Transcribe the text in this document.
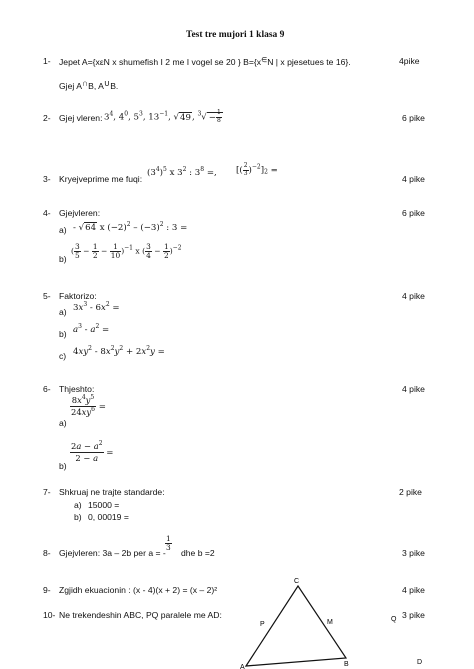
Test tre mujori 1 klasa 9
1- Jepet A={xεN x shumefish I 2 me I vogel se 20 } B={x∈N | x pjesetues te 16}.	4pike
Gjej A∩B, A∪B.
2- Gjej vleren: $3^4$, $4^0$, $5^3$, $13^{-1}$, √49, $^3√ - \frac{1}{8}$	6 pike
3- Kryejveprime me fuqi:
$(3^4)^5$ x $3^2$ : $3^8$ =, [( $\frac{2}{3} )^{-2}]^2$ =
4 pike
4- Gjejvleren:	6 pike
a) - √64 x $(-2)^2 - (-3)^2$ : 3 =
b)
( $\frac{3}{5} - \frac{1}{2} - \frac{1}{10} )^{-1}$ x ( $\frac{3}{4} - \frac{1}{2} )^{-2}$
5- Faktorizo:	4 pike
a) $3x^3 - 6x^2$ =
b) $a^3 - a^2$ =
c) $4xy^2 - 8x^2y^2 + 2x^2y$ =
6- Thjeshto:	4 pike
a)
$\frac{8x^4y^5}{24xy^6}$ =
b)
$\frac{2a - a^2}{2 - a}$ =
7- Shkruaj ne trajte standarde:	2 pike
a) 15000 =
b) 0, 00019 =
8- Gjejvleren: 3a – 2b per a = -
$\frac{1}{3}$
dhe b =2	3 pike
9- Zgjidh ekuacionin : (x - 4)(x + 2) = (x – 2)²	4 pike
10- Ne trekendeshin ABC, PQ paralele me AD:	3 pike
C
P	M	Q
A	B	D
